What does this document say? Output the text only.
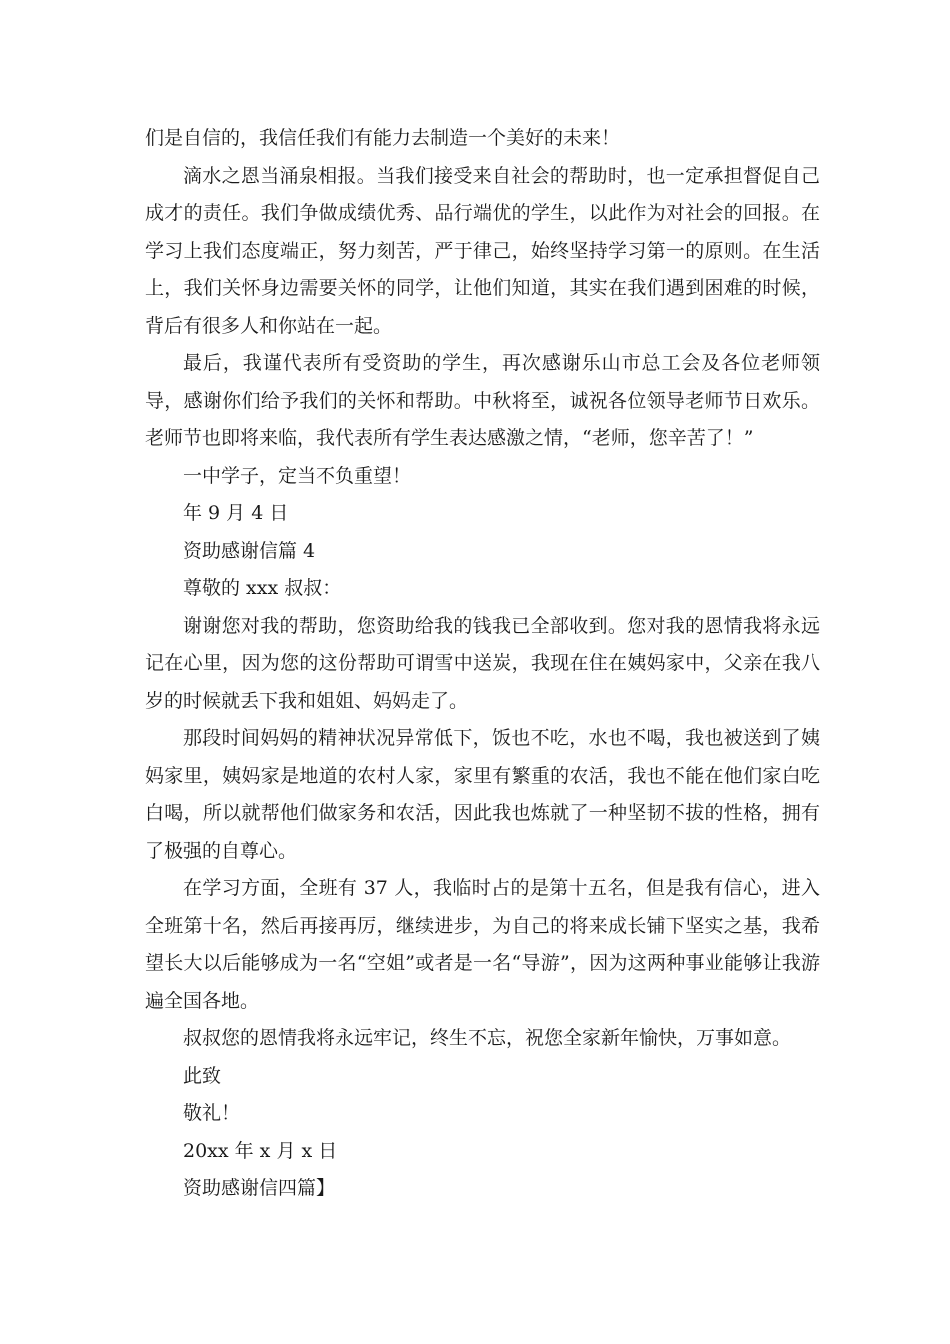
们是自信的，我信任我们有能力去制造一个美好的未来！

滴水之恩当涌泉相报。当我们接受来自社会的帮助时，也一定承担督促自己成才的责任。我们争做成绩优秀、品行端优的学生，以此作为对社会的回报。在学习上我们态度端正，努力刻苦，严于律己，始终坚持学习第一的原则。在生活上，我们关怀身边需要关怀的同学，让他们知道，其实在我们遇到困难的时候，背后有很多人和你站在一起。

最后，我谨代表所有受资助的学生，再次感谢乐山市总工会及各位老师领导，感谢你们给予我们的关怀和帮助。中秋将至，诚祝各位领导老师节日欢乐。老师节也即将来临，我代表所有学生表达感激之情，“老师，您辛苦了！”

一中学子，定当不负重望！

年 9 月 4 日

资助感谢信篇 4

尊敬的 xxx 叔叔：

谢谢您对我的帮助，您资助给我的钱我已全部收到。您对我的恩情我将永远记在心里，因为您的这份帮助可谓雪中送炭，我现在住在姨妈家中，父亲在我八岁的时候就丢下我和姐姐、妈妈走了。

那段时间妈妈的精神状况异常低下，饭也不吃，水也不喝，我也被送到了姨妈家里，姨妈家是地道的农村人家，家里有繁重的农活，我也不能在他们家白吃白喝，所以就帮他们做家务和农活，因此我也炼就了一种坚韧不拔的性格，拥有了极强的自尊心。

在学习方面，全班有 37 人，我临时占的是第十五名，但是我有信心，进入全班第十名，然后再接再厉，继续进步，为自己的将来成长铺下坚实之基，我希望长大以后能够成为一名“空姐”或者是一名“导游”，因为这两种事业能够让我游遍全国各地。

叔叔您的恩情我将永远牢记，终生不忘，祝您全家新年愉快，万事如意。

此致

敬礼！

20xx 年 x 月 x 日

资助感谢信四篇】
